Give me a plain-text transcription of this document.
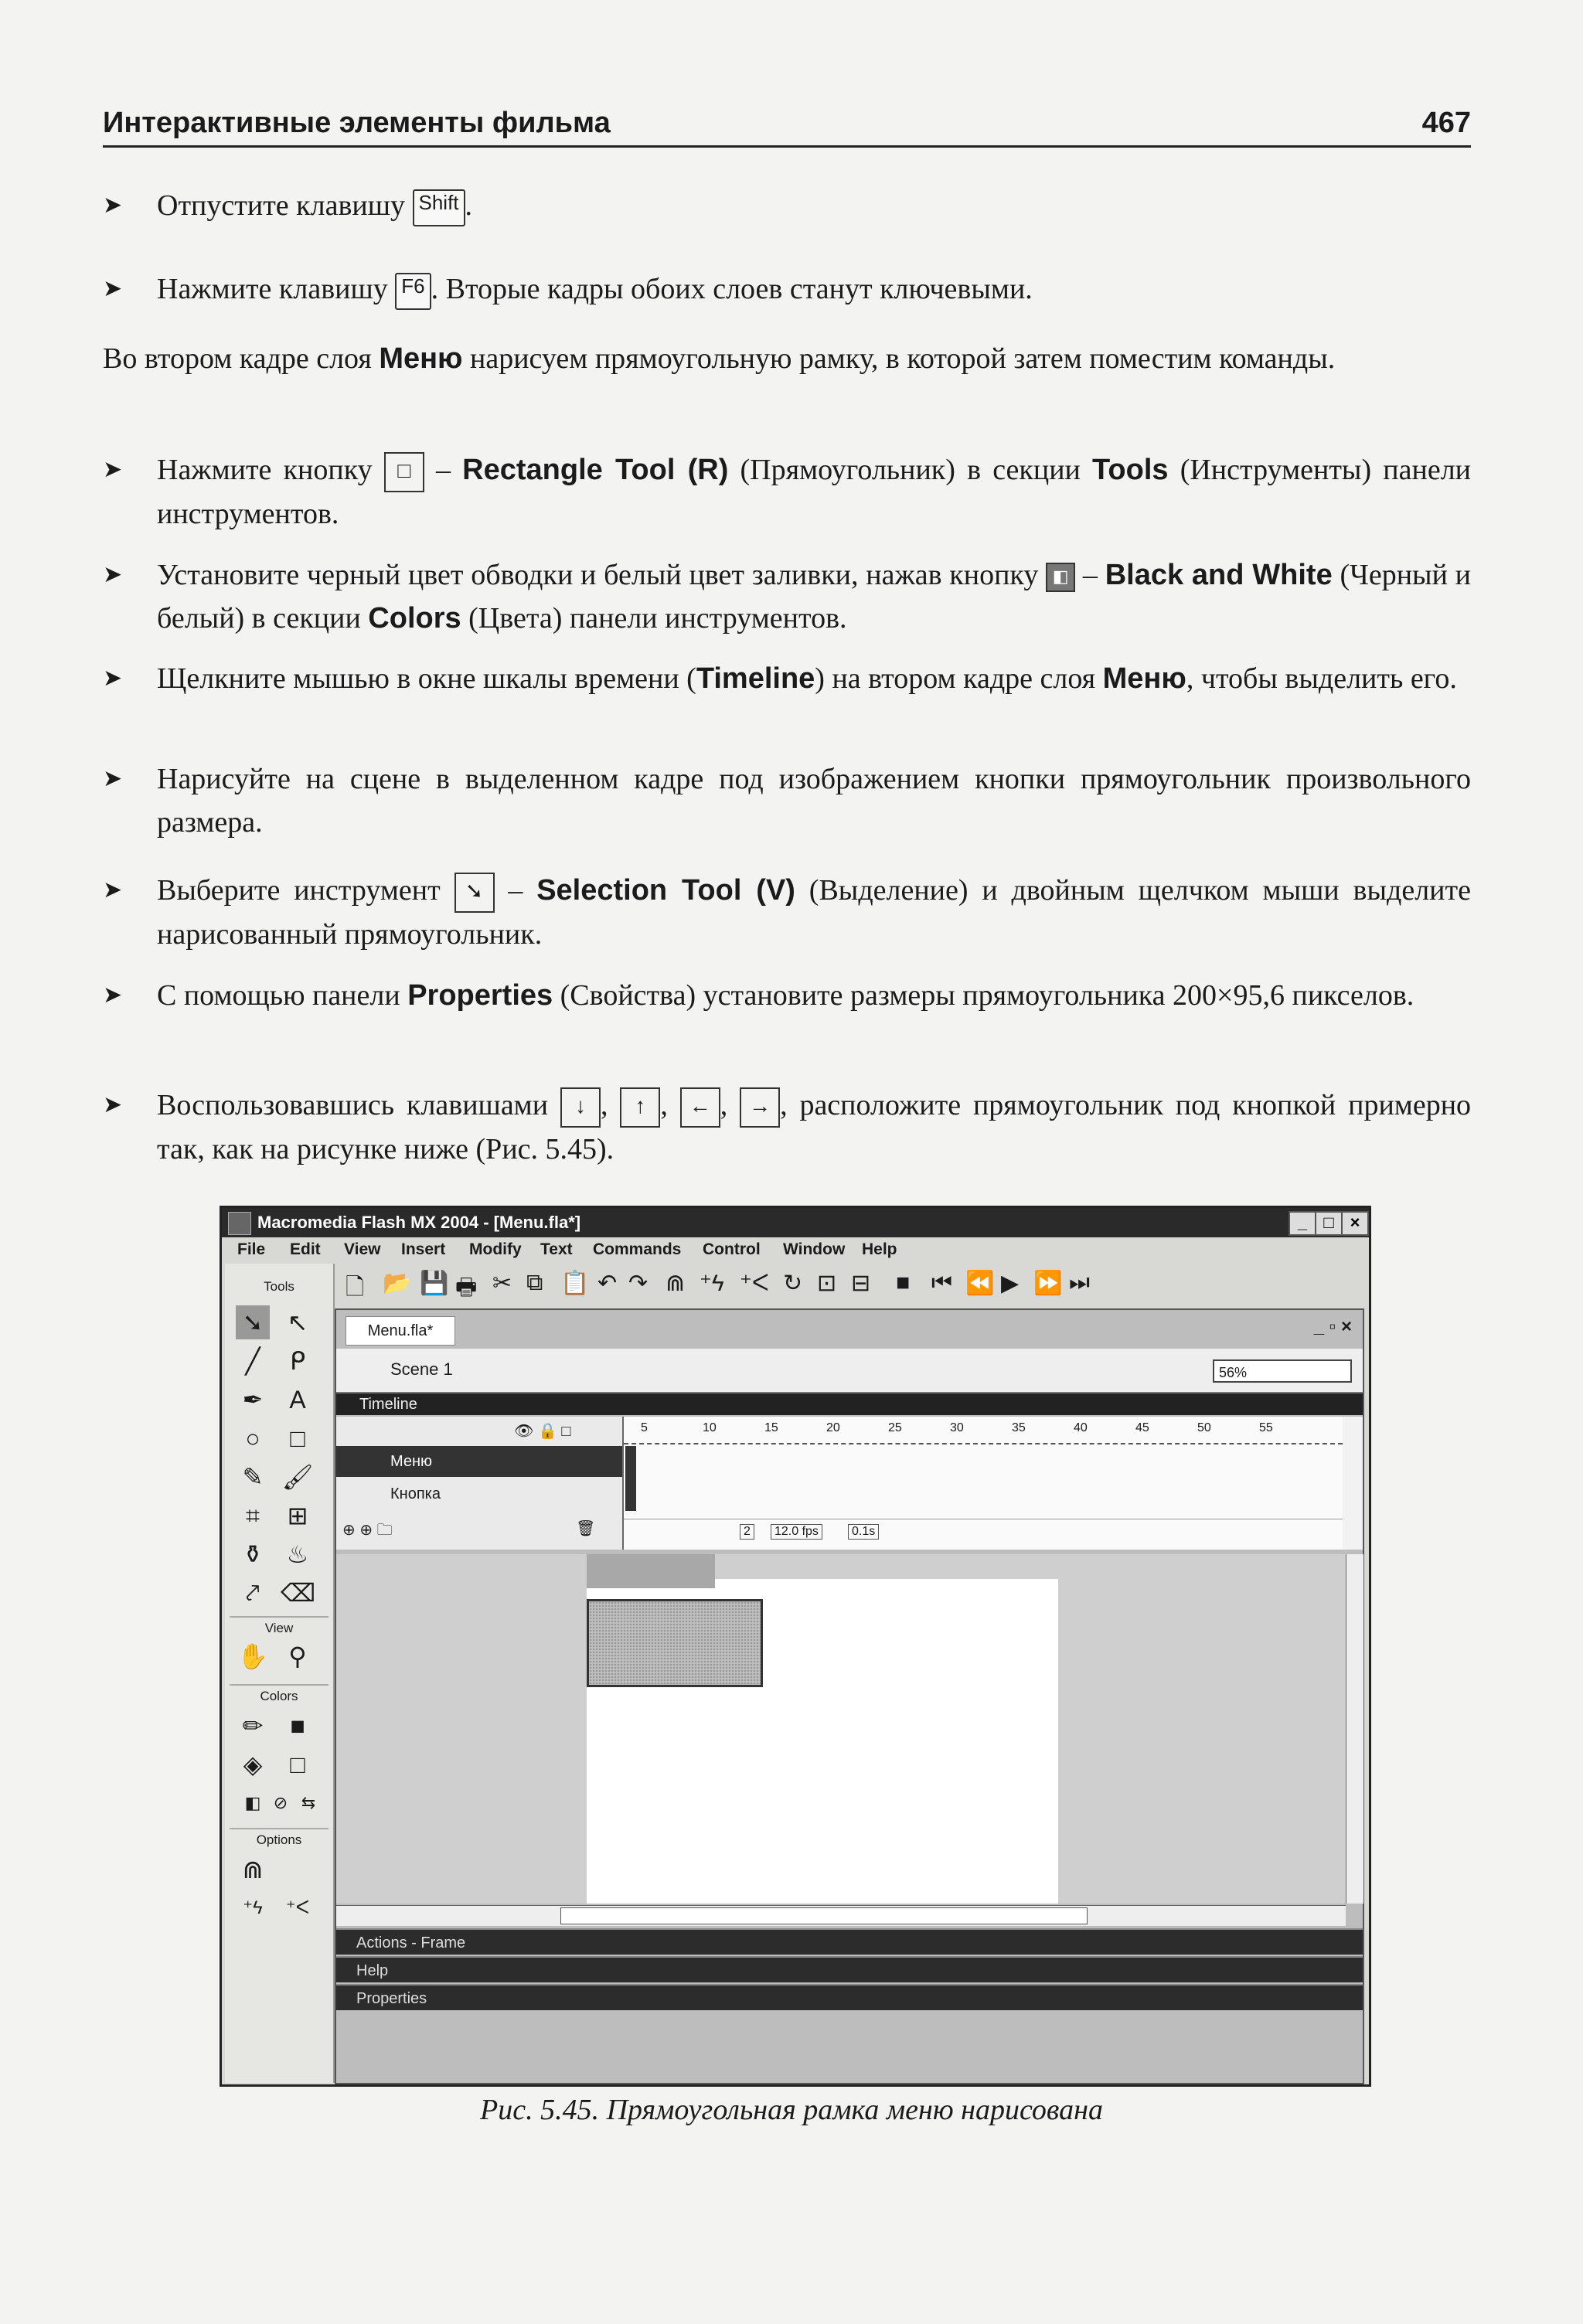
Интерактивные элементы фильма	467
➤ Отпустите клавишу Shift .
➤ Нажмите клавишу F6 . Вторые кадры обоих слоев станут ключевыми.
Во втором кадре слоя Меню нарисуем прямоугольную рамку, в которой затем поместим команды.
➤ Нажмите кнопку □ – Rectangle Tool (R) (Прямоугольник) в секции Tools (Инструменты) панели инструментов.
➤ Установите черный цвет обводки и белый цвет заливки, нажав кнопку ◧ – Black and White (Черный и белый) в секции Colors (Цвета) панели инструментов.
➤ Щелкните мышью в окне шкалы времени (Timeline) на втором кадре слоя Меню, чтобы выделить его.
➤ Нарисуйте на сцене в выделенном кадре под изображением кнопки прямоугольник произвольного размера.
➤ Выберите инструмент ➘ – Selection Tool (V) (Выделение) и двойным щелчком мыши выделите нарисованный прямоугольник.
➤ С помощью панели Properties (Свойства) установите размеры прямоугольника 200×95,6 пикселов.
➤ Воспользовавшись клавишами ↓ , ↑ , ← , → , расположите прямоугольник под кнопкой примерно так, как на рисунке ниже (Рис. 5.45).
Macromedia Flash MX 2004 - [Menu.fla*]	_ □ ×
File Edit View Insert Modify Text Commands Control Window Help
Tools
➘ ↖
╱	ᑭ
✒	A
○	□
✎ 🖌
⌗	⊞
⚱ ♨
⤤ ⌫
View
✋ ⚲
Colors
✏	■
◈	□
◧ ⊘ ⇆
Options
⋒
⁺ϟ	⁺ᐸ
🗋 📂 💾 🖶 ✂ ⧉ 📋 ↶ ↷ ⋒ ⁺ϟ ⁺ᐸ ↻ ⊡ ⊟ ■ ⏮ ⏪ ▶ ⏩ ⏭
Menu.fla*	_ ▫ ×
Scene 1	56%
Timeline
👁 🔒 □
Меню
Кнопка
⊕ ⊕ 🗀	🗑
5	10	15	20	25	30	35	40	45	50	55
2	12.0 fps	0.1s
Actions - Frame
Help
Properties
Рис. 5.45. Прямоугольная рамка меню нарисована
